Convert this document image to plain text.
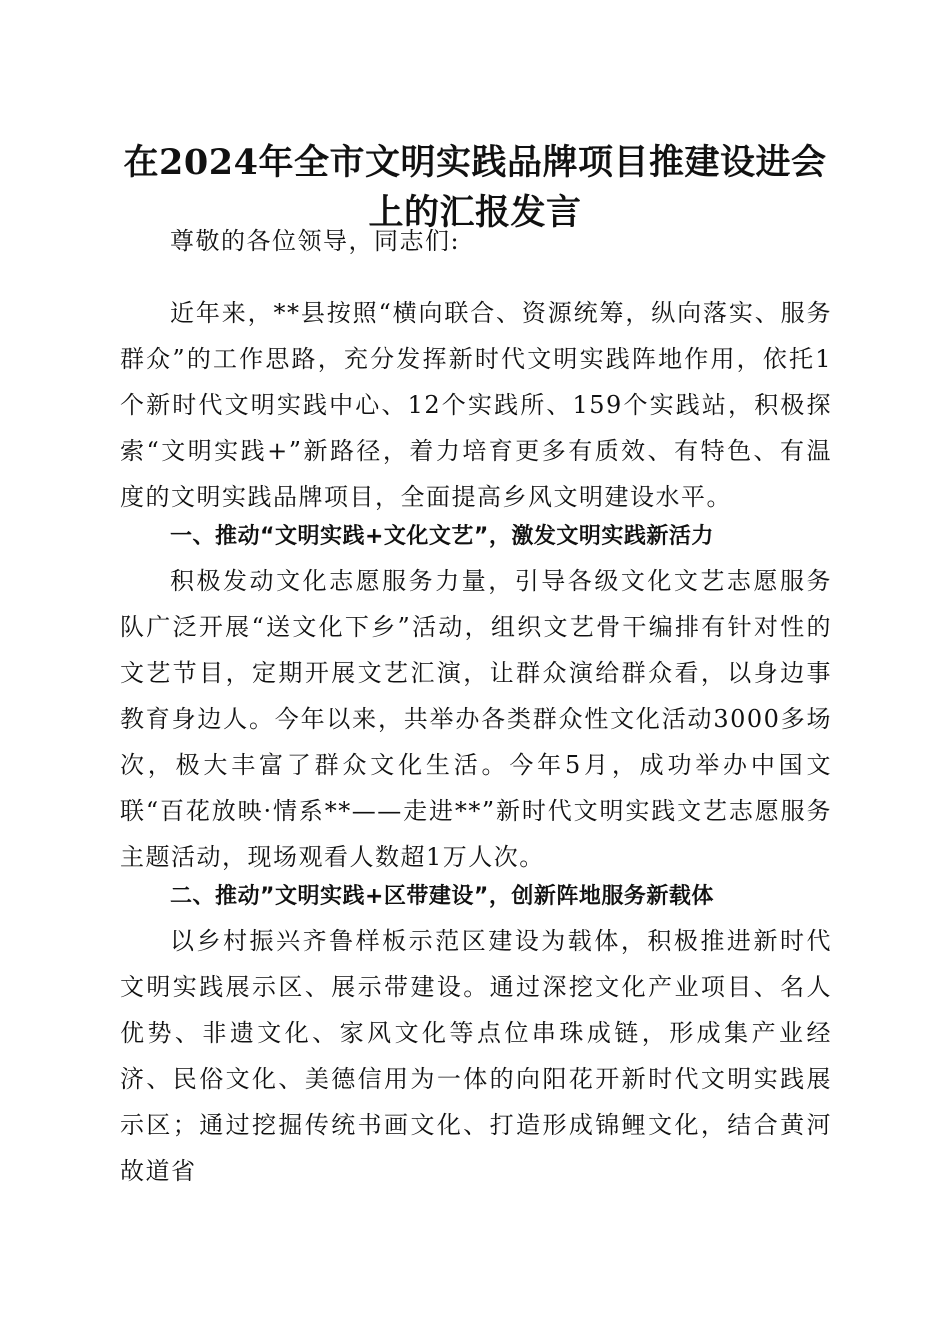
在2024年全市文明实践品牌项目推建设进会上的汇报发言

尊敬的各位领导，同志们:

近年来，**县按照“横向联合、资源统筹，纵向落实、服务群众”的工作思路，充分发挥新时代文明实践阵地作用，依托1个新时代文明实践中心、12个实践所、159个实践站，积极探索“文明实践+”新路径，着力培育更多有质效、有特色、有温度的文明实践品牌项目，全面提高乡风文明建设水平。

一、推动“文明实践+文化文艺”，激发文明实践新活力

积极发动文化志愿服务力量，引导各级文化文艺志愿服务队广泛开展“送文化下乡”活动，组织文艺骨干编排有针对性的文艺节目，定期开展文艺汇演，让群众演给群众看，以身边事教育身边人。今年以来，共举办各类群众性文化活动3000多场次，极大丰富了群众文化生活。今年5月，成功举办中国文联“百花放映·情系**——走进**”新时代文明实践文艺志愿服务主题活动，现场观看人数超1万人次。

二、推动”文明实践+区带建设”，创新阵地服务新载体

以乡村振兴齐鲁样板示范区建设为载体，积极推进新时代文明实践展示区、展示带建设。通过深挖文化产业项目、名人优势、非遗文化、家风文化等点位串珠成链，形成集产业经济、民俗文化、美德信用为一体的向阳花开新时代文明实践展示区；通过挖掘传统书画文化、打造形成锦鲤文化，结合黄河故道省
